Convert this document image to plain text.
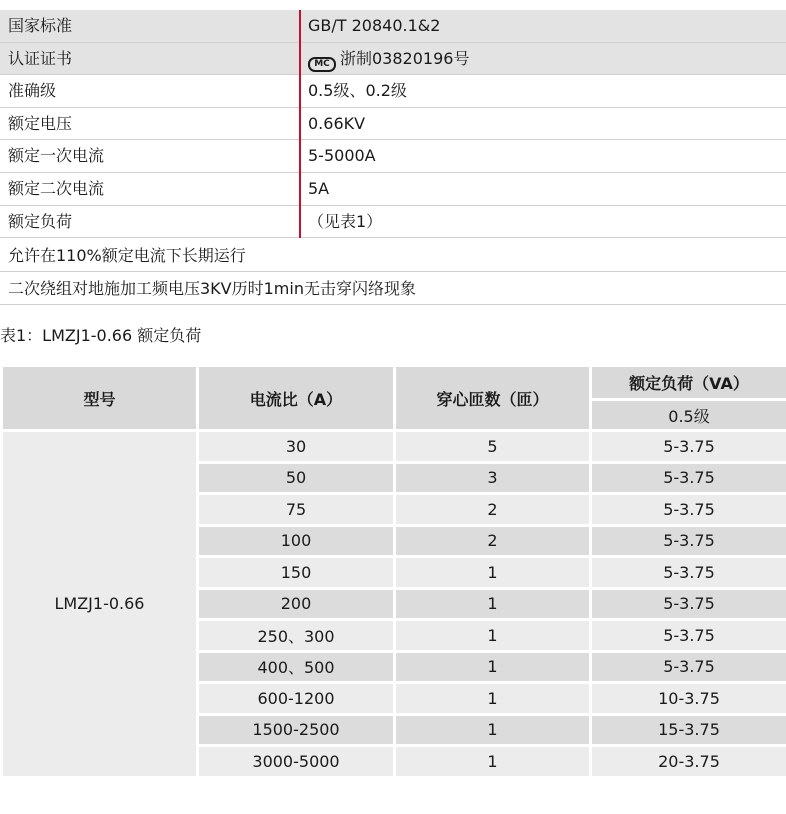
国家标准	GB/T 20840.1&2
认证证书	MC 浙制03820196号
准确级	0.5级、0.2级
额定电压	0.66KV
额定一次电流	5-5000A
额定二次电流	5A
额定负荷	（见表1）
允许在110%额定电流下长期运行
二次绕组对地施加工频电压3KV历时1min无击穿闪络现象
表1：LMZJ1-0.66 额定负荷
型号	电流比（A）	穿心匝数（匝）	额定负荷（VA）
			0.5级
LMZJ1-0.66	30	5	5-3.75
	50	3	5-3.75
	75	2	5-3.75
	100	2	5-3.75
	150	1	5-3.75
	200	1	5-3.75
	250、300	1	5-3.75
	400、500	1	5-3.75
	600-1200	1	10-3.75
	1500-2500	1	15-3.75
	3000-5000	1	20-3.75
